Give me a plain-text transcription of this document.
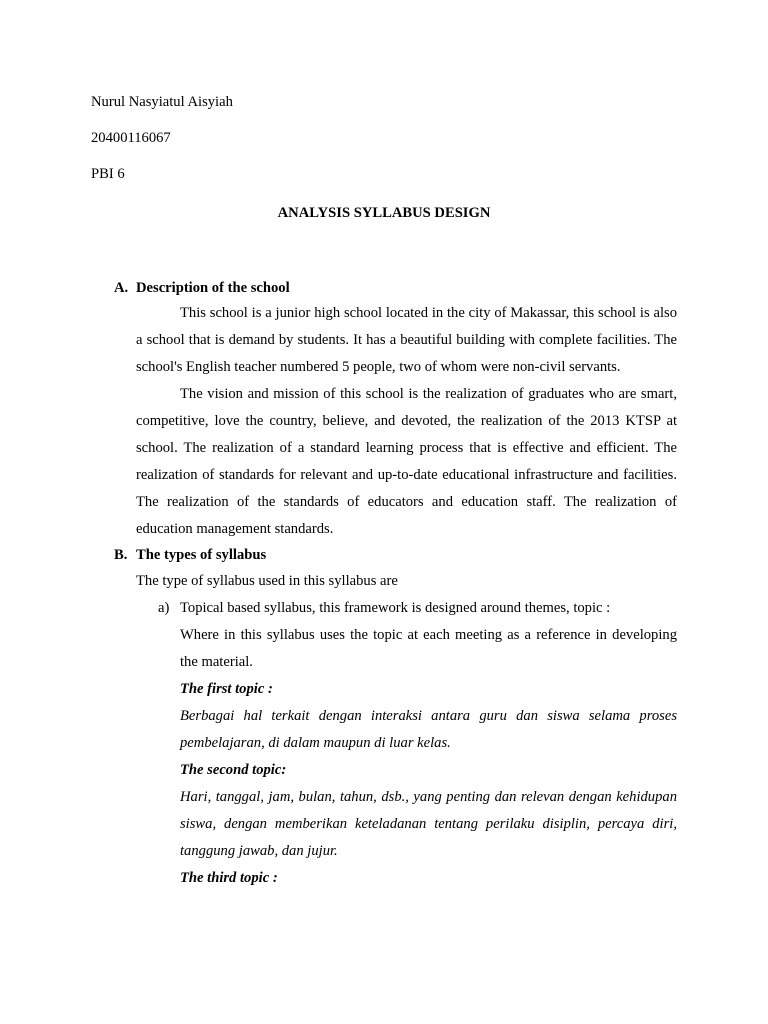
Nurul Nasyiatul Aisyiah
20400116067
PBI 6
ANALYSIS SYLLABUS DESIGN
A. Description of the school
This school is a junior high school located in the city of Makassar, this school is also a school that is demand by students. It has a beautiful building with complete facilities. The school's English teacher numbered 5 people, two of whom were non-civil servants.
The vision and mission of this school is the realization of graduates who are smart, competitive, love the country, believe, and devoted, the realization of the 2013 KTSP at school. The realization of a standard learning process that is effective and efficient. The realization of standards for relevant and up-to-date educational infrastructure and facilities. The realization of the standards of educators and education staff. The realization of education management standards.
B. The types of syllabus
The type of syllabus used in this syllabus are
a) Topical based syllabus, this framework is designed around themes, topic :
Where in this syllabus uses the topic at each meeting as a reference in developing the material.
The first topic :
Berbagai hal terkait dengan interaksi antara guru dan siswa selama proses pembelajaran, di dalam maupun di luar kelas.
The second topic:
Hari, tanggal, jam, bulan, tahun, dsb., yang penting dan relevan dengan kehidupan siswa, dengan memberikan keteladanan tentang perilaku disiplin, percaya diri, tanggung jawab, dan jujur.
The third topic :
